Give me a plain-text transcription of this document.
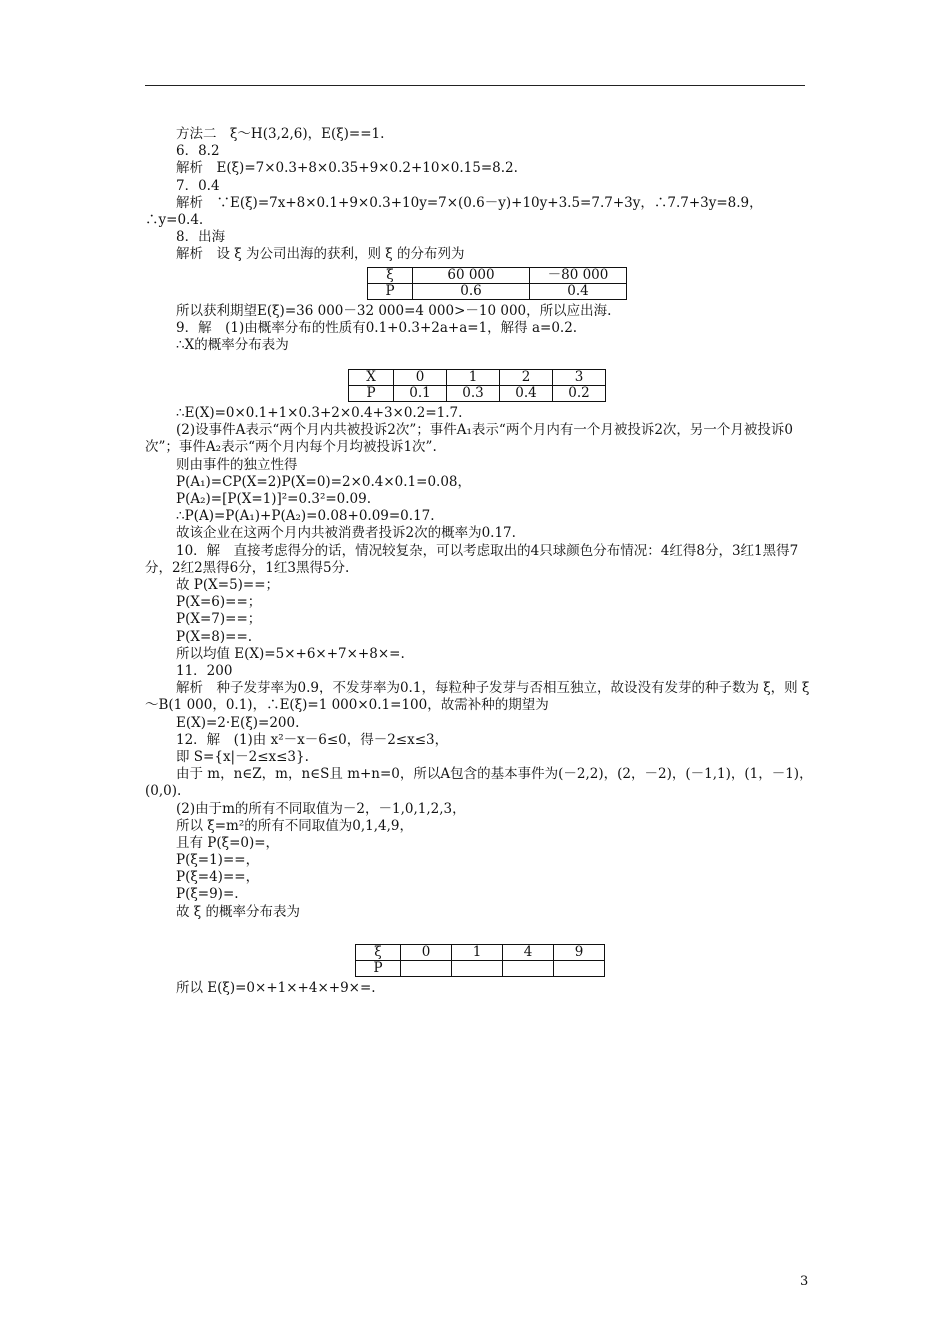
方法二　ξ～H(3,2,6)，E(ξ)==1.
6．8.2
解析　E(ξ)=7×0.3+8×0.35+9×0.2+10×0.15=8.2.
7．0.4
解析　∵E(ξ)=7x+8×0.1+9×0.3+10y=7×(0.6－y)+10y+3.5=7.7+3y，∴7.7+3y=8.9，∴y=0.4.
8．出海
解析　设 ξ 为公司出海的获利，则 ξ 的分布列为
ξ	60 000	－80 000
P	0.6	0.4
所以获利期望E(ξ)=36 000－32 000=4 000>－10 000，所以应出海.
9．解　(1)由概率分布的性质有0.1+0.3+2a+a=1，解得 a=0.2.
∴X的概率分布表为
X	0	1	2	3
P	0.1	0.3	0.4	0.2
∴E(X)=0×0.1+1×0.3+2×0.4+3×0.2=1.7.
(2)设事件A表示“两个月内共被投诉2次”；事件A₁表示“两个月内有一个月被投诉2次，另一个月被投诉0次”；事件A₂表示“两个月内每个月均被投诉1次”.
则由事件的独立性得
P(A₁)=CP(X=2)P(X=0)=2×0.4×0.1=0.08，
P(A₂)=[P(X=1)]²=0.3²=0.09.
∴P(A)=P(A₁)+P(A₂)=0.08+0.09=0.17.
故该企业在这两个月内共被消费者投诉2次的概率为0.17.
10．解　直接考虑得分的话，情况较复杂，可以考虑取出的4只球颜色分布情况：4红得8分，3红1黑得7分，2红2黑得6分，1红3黑得5分.
故 P(X=5)==；
P(X=6)==；
P(X=7)==；
P(X=8)==.
所以均值 E(X)=5×+6×+7×+8×=.
11．200
解析　种子发芽率为0.9，不发芽率为0.1，每粒种子发芽与否相互独立，故设没有发芽的种子数为 ξ，则 ξ～B(1 000，0.1)，∴E(ξ)=1 000×0.1=100，故需补种的期望为
E(X)=2·E(ξ)=200.
12．解　(1)由 x²－x－6≤0，得－2≤x≤3，
即 S={x|－2≤x≤3}.
由于 m，n∈Z，m，n∈S且 m+n=0，所以A包含的基本事件为(－2,2)，(2，－2)，(－1,1)，(1，－1)，(0,0).
(2)由于m的所有不同取值为－2，－1,0,1,2,3，
所以 ξ=m²的所有不同取值为0,1,4,9，
且有 P(ξ=0)=，
P(ξ=1)==，
P(ξ=4)==，
P(ξ=9)=.
故 ξ 的概率分布表为
ξ	0	1	4	9
P				
所以 E(ξ)=0×+1×+4×+9×=.
3
